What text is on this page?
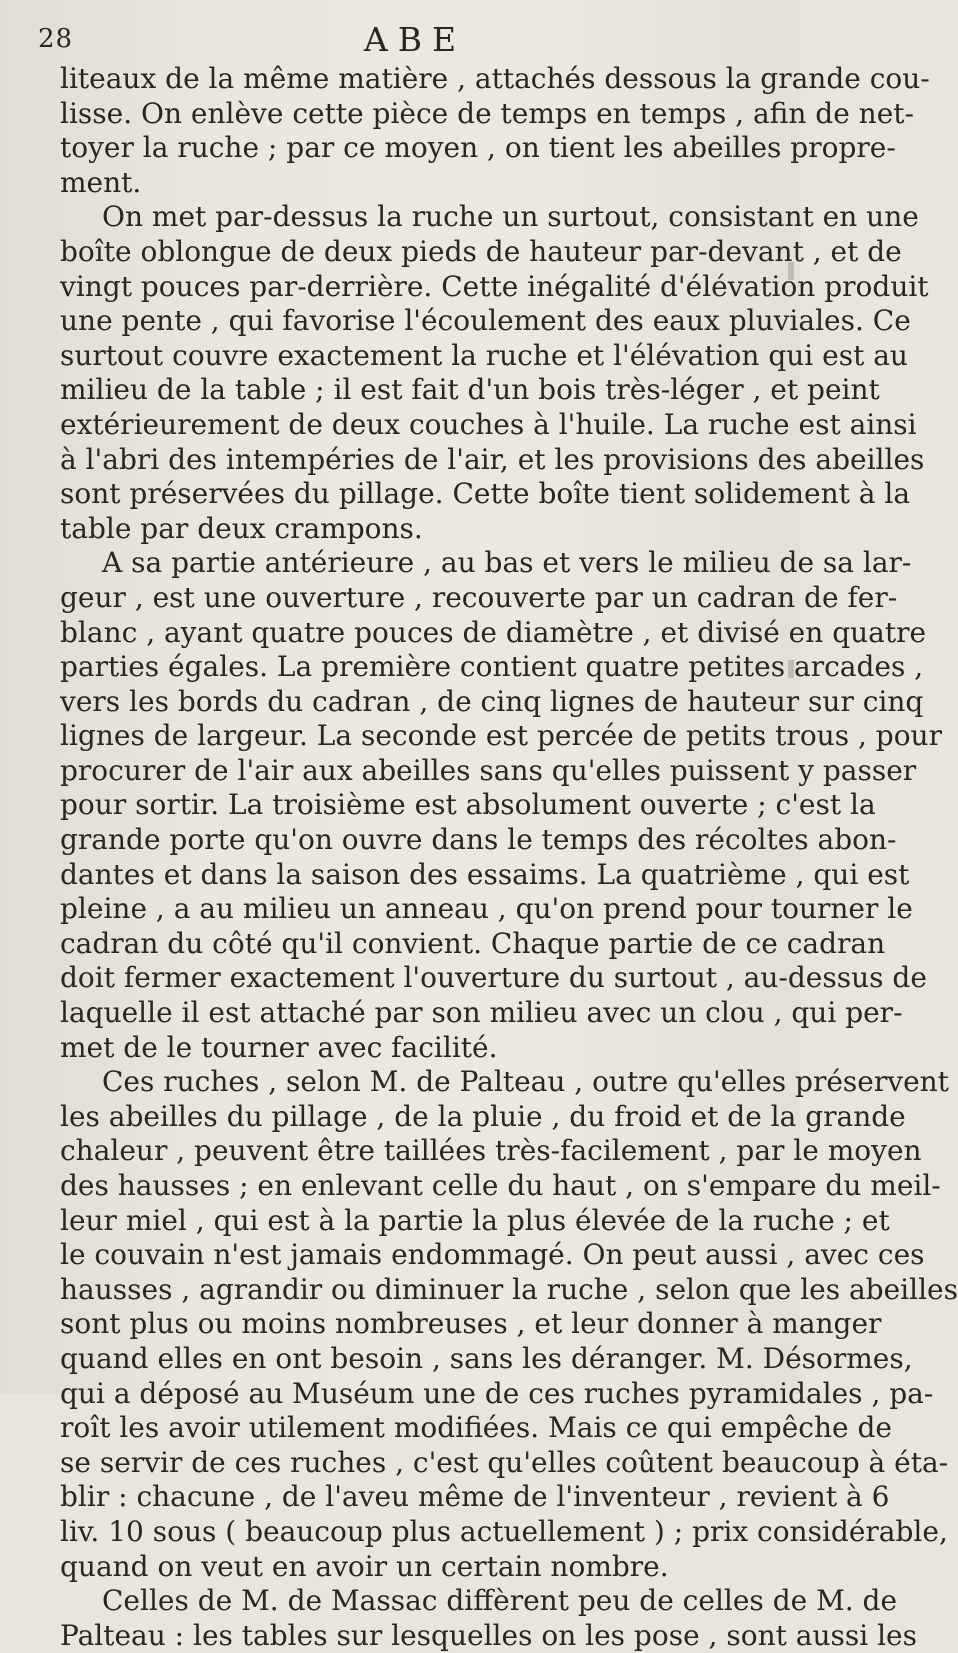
28	ABE

liteaux de la même matière , attachés dessous la grande cou-
lisse. On enlève cette pièce de temps en temps , afin de net-
toyer la ruche ; par ce moyen , on tient les abeilles propre-
ment.

On met par-dessus la ruche un surtout, consistant en une
boîte oblongue de deux pieds de hauteur par-devant , et de
vingt pouces par-derrière. Cette inégalité d'élévation produit
une pente , qui favorise l'écoulement des eaux pluviales. Ce
surtout couvre exactement la ruche et l'élévation qui est au
milieu de la table ; il est fait d'un bois très-léger , et peint
extérieurement de deux couches à l'huile. La ruche est ainsi
à l'abri des intempéries de l'air, et les provisions des abeilles
sont préservées du pillage. Cette boîte tient solidement à la
table par deux crampons.

A sa partie antérieure , au bas et vers le milieu de sa lar-
geur , est une ouverture , recouverte par un cadran de fer-
blanc , ayant quatre pouces de diamètre , et divisé en quatre
parties égales. La première contient quatre petites arcades ,
vers les bords du cadran , de cinq lignes de hauteur sur cinq
lignes de largeur. La seconde est percée de petits trous , pour
procurer de l'air aux abeilles sans qu'elles puissent y passer
pour sortir. La troisième est absolument ouverte ; c'est la
grande porte qu'on ouvre dans le temps des récoltes abon-
dantes et dans la saison des essaims. La quatrième , qui est
pleine , a au milieu un anneau , qu'on prend pour tourner le
cadran du côté qu'il convient. Chaque partie de ce cadran
doit fermer exactement l'ouverture du surtout , au-dessus de
laquelle il est attaché par son milieu avec un clou , qui per-
met de le tourner avec facilité.

Ces ruches , selon M. de Palteau , outre qu'elles préservent
les abeilles du pillage , de la pluie , du froid et de la grande
chaleur , peuvent être taillées très-facilement , par le moyen
des hausses ; en enlevant celle du haut , on s'empare du meil-
leur miel , qui est à la partie la plus élevée de la ruche ; et
le couvain n'est jamais endommagé. On peut aussi , avec ces
hausses , agrandir ou diminuer la ruche , selon que les abeilles
sont plus ou moins nombreuses , et leur donner à manger
quand elles en ont besoin , sans les déranger. M. Désormes,
qui a déposé au Muséum une de ces ruches pyramidales , pa-
roît les avoir utilement modifiées. Mais ce qui empêche de
se servir de ces ruches , c'est qu'elles coûtent beaucoup à éta-
blir : chacune , de l'aveu même de l'inventeur , revient à 6
liv. 10 sous ( beaucoup plus actuellement ) ; prix considérable,
quand on veut en avoir un certain nombre.

Celles de M. de Massac diffèrent peu de celles de M. de
Palteau : les tables sur lesquelles on les pose , sont aussi les
